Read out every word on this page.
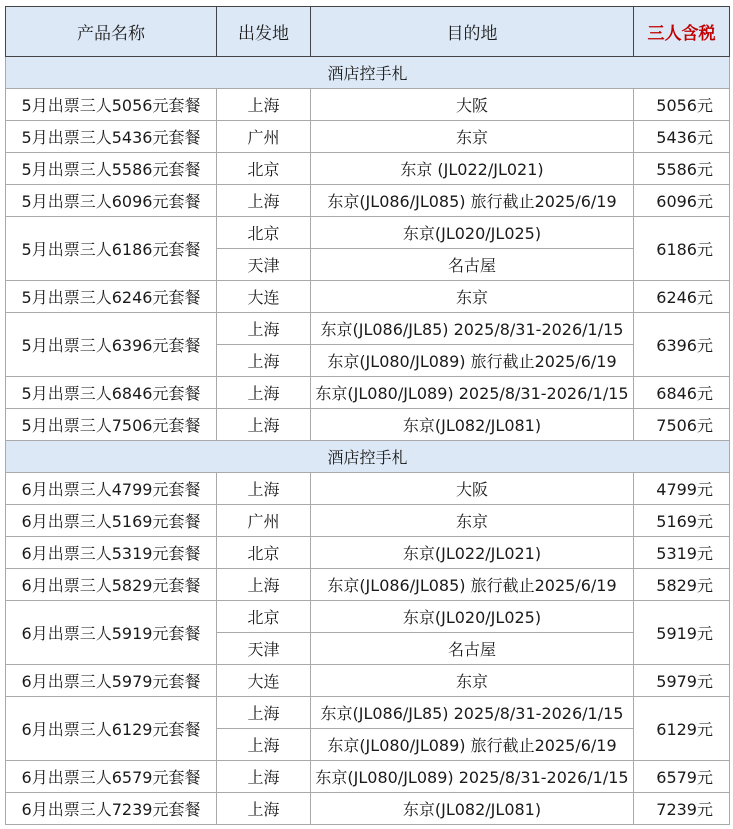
产品名称	出发地	目的地	三人含税
酒店控手札			
5月出票三人5056元套餐	上海	大阪	5056元
5月出票三人5436元套餐	广州	东京	5436元
5月出票三人5586元套餐	北京	东京 (JL022/JL021)	5586元
5月出票三人6096元套餐	上海	东京(JL086/JL085) 旅行截止2025/6/19	6096元
5月出票三人6186元套餐	北京	东京(JL020/JL025)	6186元
	天津	名古屋	
5月出票三人6246元套餐	大连	东京	6246元
5月出票三人6396元套餐	上海	东京(JL086/JL85) 2025/8/31-2026/1/15	6396元
	上海	东京(JL080/JL089) 旅行截止2025/6/19	
5月出票三人6846元套餐	上海	东京(JL080/JL089) 2025/8/31-2026/1/15	6846元
5月出票三人7506元套餐	上海	东京(JL082/JL081)	7506元
酒店控手札			
6月出票三人4799元套餐	上海	大阪	4799元
6月出票三人5169元套餐	广州	东京	5169元
6月出票三人5319元套餐	北京	东京(JL022/JL021)	5319元
6月出票三人5829元套餐	上海	东京(JL086/JL085) 旅行截止2025/6/19	5829元
6月出票三人5919元套餐	北京	东京(JL020/JL025)	5919元
	天津	名古屋	
6月出票三人5979元套餐	大连	东京	5979元
6月出票三人6129元套餐	上海	东京(JL086/JL85) 2025/8/31-2026/1/15	6129元
	上海	东京(JL080/JL089) 旅行截止2025/6/19	
6月出票三人6579元套餐	上海	东京(JL080/JL089) 2025/8/31-2026/1/15	6579元
6月出票三人7239元套餐	上海	东京(JL082/JL081)	7239元
